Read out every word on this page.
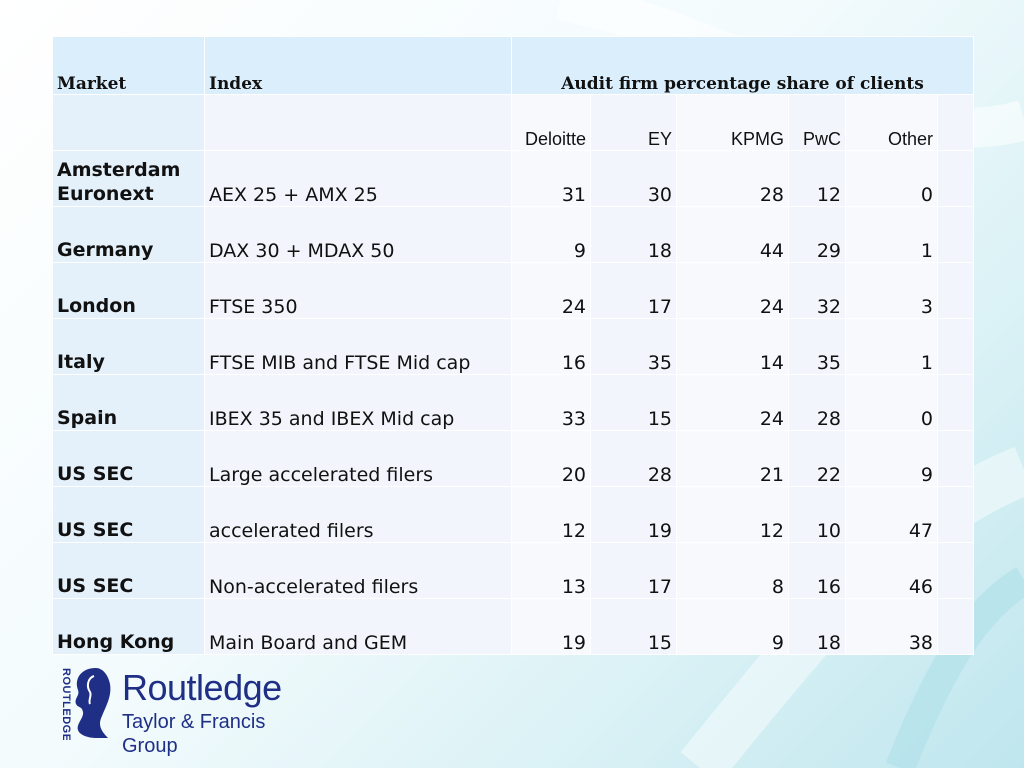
Market	Index	Audit firm percentage share of clients					
		Deloitte	EY	KPMG	PwC	Other	
Amsterdam Euronext	AEX 25 + AMX 25	31	30	28	12	0	
Germany	DAX 30 + MDAX 50	9	18	44	29	1	
London	FTSE 350	24	17	24	32	3	
Italy	FTSE MIB and FTSE Mid cap	16	35	14	35	1	
Spain	IBEX 35 and IBEX Mid cap	33	15	24	28	0	
US SEC	Large accelerated filers	20	28	21	22	9	
US SEC	accelerated filers	12	19	12	10	47	
US SEC	Non-accelerated filers	13	17	8	16	46	
Hong Kong	Main Board and GEM	19	15	9	18	38	
ROUTLEDGE Routledge
Taylor & Francis Group
